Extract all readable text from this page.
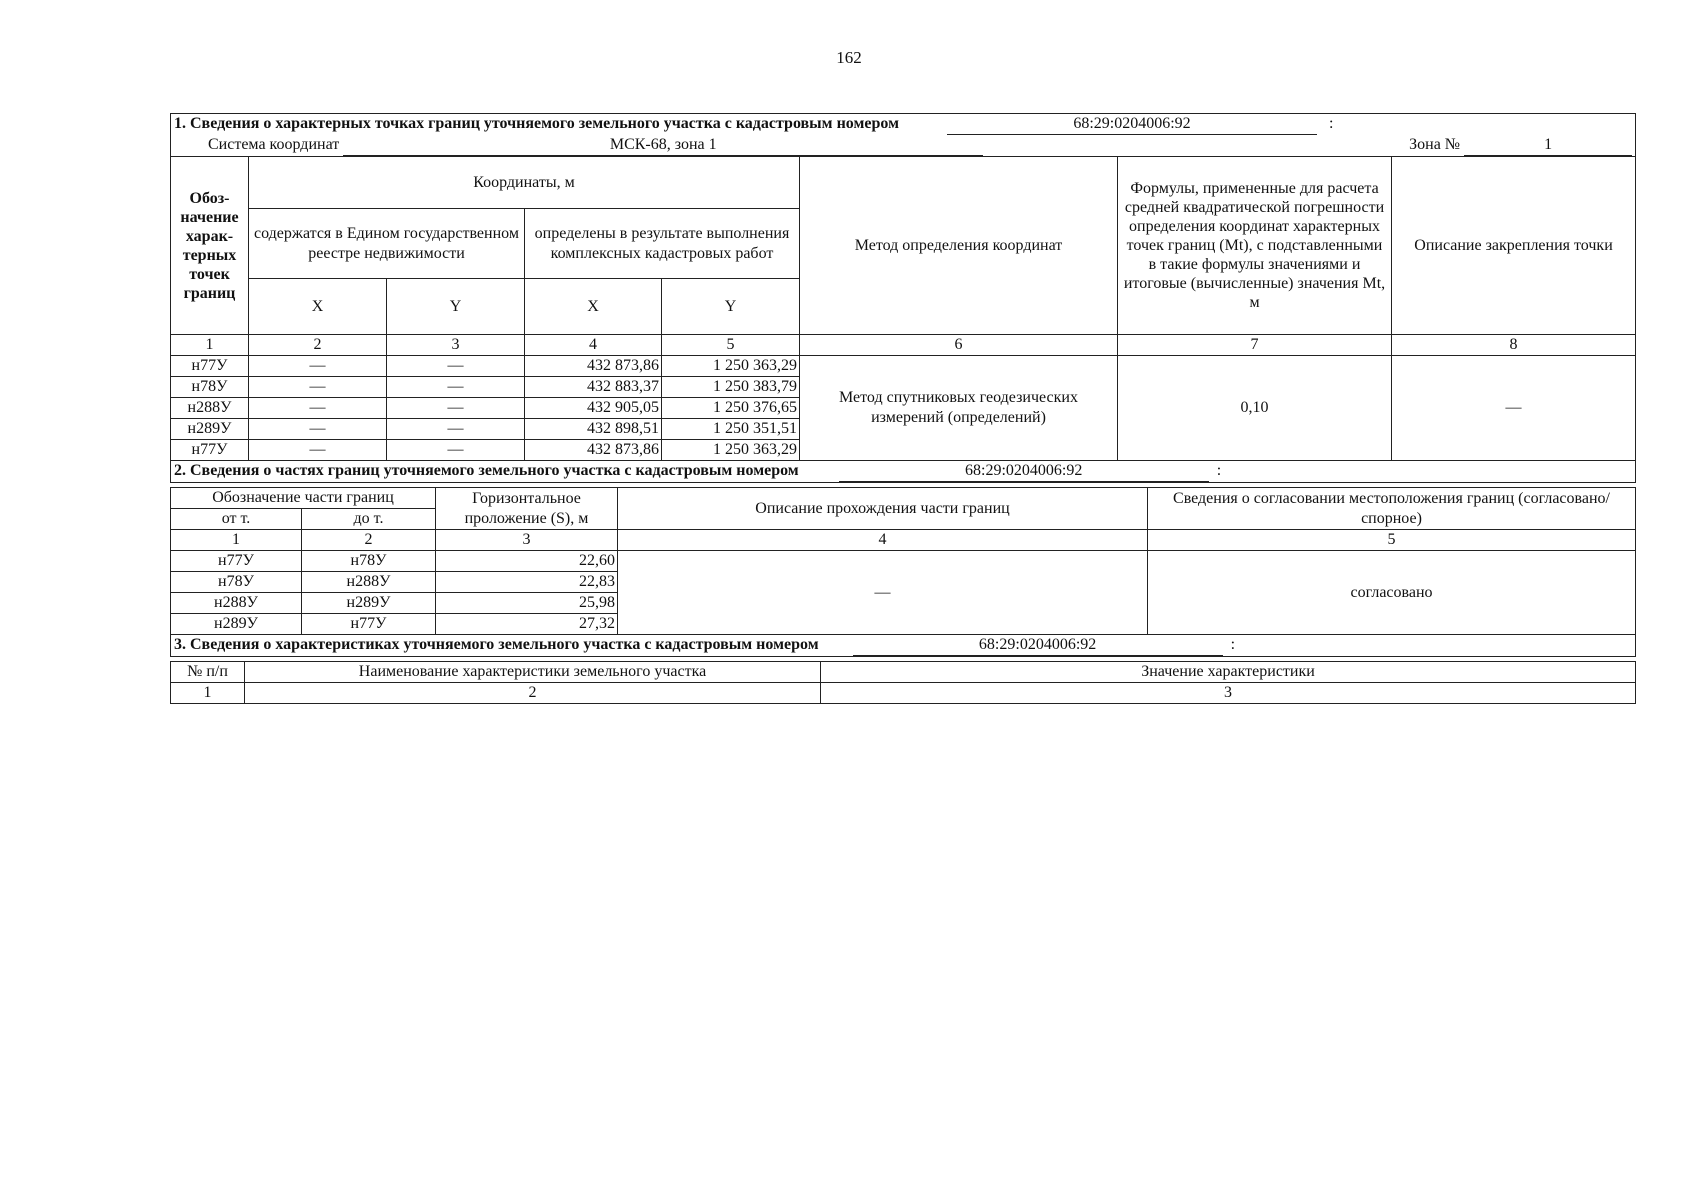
162
1. Сведения о характерных точках границ уточняемого земельного участка с кадастровым номером 68:29:0204006:92 :							
Система координат МСК-68, зона 1 Зона № 1							

Обоз-начение харак-терных точек границ	Координаты, м				Метод определения координат	Формулы, примененные для расчета средней квадратической погрешности определения координат характерных точек границ (Mt), с подставленными в такие формулы значениями и итоговые (вычисленные) значения Mt, м	Описание закрепления точки
	содержатся в Едином государственном реестре недвижимости		определены в результате выполнения комплексных кадастровых работ				
	X	Y	X	Y			
1	2	3	4	5	6	7	8
н77У	—	—	432 873,86	1 250 363,29	Метод спутниковых геодезических измерений (определений)	0,10	—
н78У	—	—	432 883,37	1 250 383,79			
н288У	—	—	432 905,05	1 250 376,65			
н289У	—	—	432 898,51	1 250 351,51			
н77У	—	—	432 873,86	1 250 363,29			
2. Сведения о частях границ уточняемого земельного участка с кадастровым номером 68:29:0204006:92 :				

Обозначение части границ		Горизонтальное проложение (S), м	Описание прохождения части границ	Сведения о согласовании местоположения границ (согласовано/спорное)
от т.	до т.			
1	2	3	4	5
н77У	н78У	22,60	—	согласовано
н78У	н288У	22,83		
н288У	н289У	25,98		
н289У	н77У	27,32		
3. Сведения о характеристиках уточняемого земельного участка с кадастровым номером 68:29:0204006:92 :		

№ п/п	Наименование характеристики земельного участка	Значение характеристики
1	2	3
